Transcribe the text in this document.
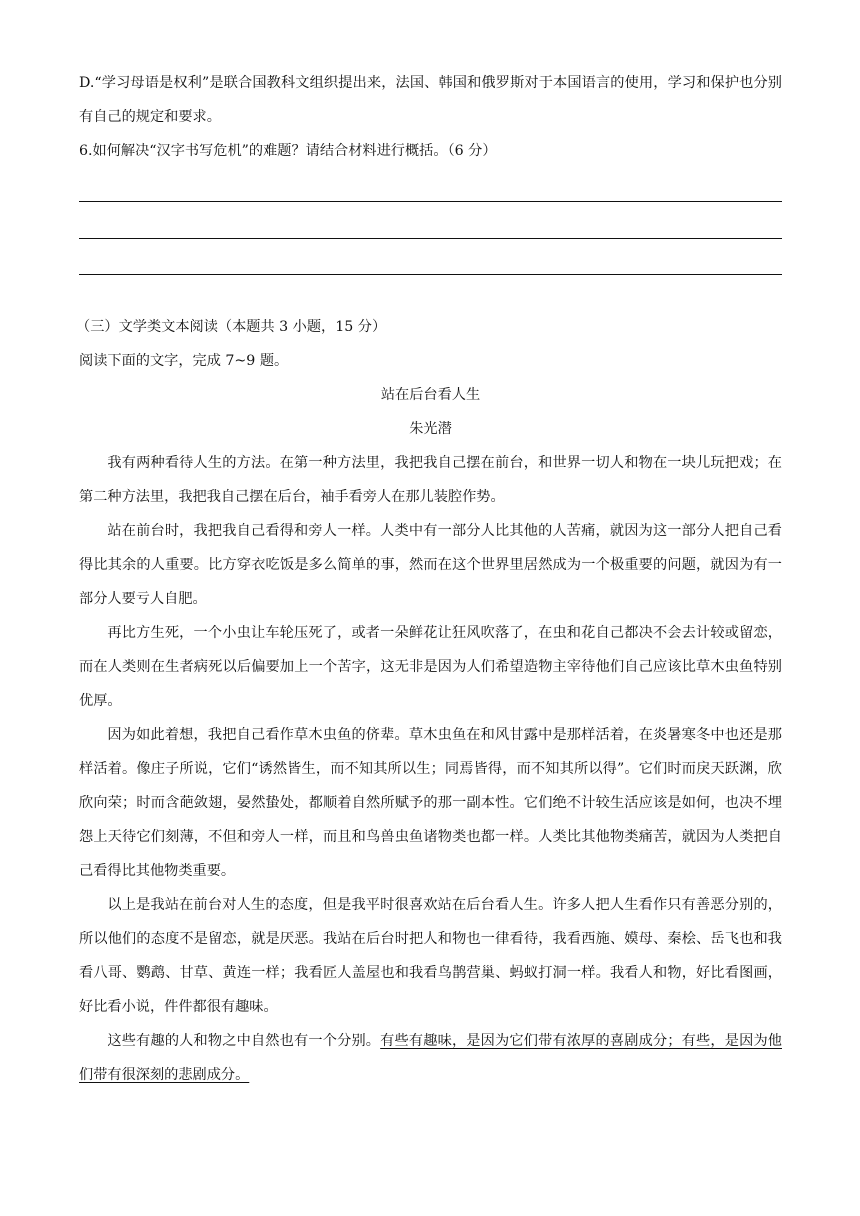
D.“学习母语是权利”是联合国教科文组织提出来，法国、韩国和俄罗斯对于本国语言的使用，学习和保护也分别有自己的规定和要求。
6.如何解决“汉字书写危机”的难题？请结合材料进行概括。（6 分）
（三）文学类文本阅读（本题共 3 小题，15 分）
阅读下面的文字，完成 7~9 题。
站在后台看人生
朱光潜
我有两种看待人生的方法。在第一种方法里，我把我自己摆在前台，和世界一切人和物在一块儿玩把戏；在第二种方法里，我把我自己摆在后台，袖手看旁人在那儿装腔作势。
站在前台时，我把我自己看得和旁人一样。人类中有一部分人比其他的人苦痛，就因为这一部分人把自己看得比其余的人重要。比方穿衣吃饭是多么简单的事，然而在这个世界里居然成为一个极重要的问题，就因为有一部分人要亏人自肥。
再比方生死，一个小虫让车轮压死了，或者一朵鲜花让狂风吹落了，在虫和花自己都决不会去计较或留恋，而在人类则在生者病死以后偏要加上一个苦字，这无非是因为人们希望造物主宰待他们自己应该比草木虫鱼特别优厚。
因为如此着想，我把自己看作草木虫鱼的侪辈。草木虫鱼在和风甘露中是那样活着，在炎暑寒冬中也还是那样活着。像庄子所说，它们“诱然皆生，而不知其所以生；同焉皆得，而不知其所以得”。它们时而戾天跃渊，欣欣向荣；时而含葩敛翅，晏然蛰处，都顺着自然所赋予的那一副本性。它们绝不计较生活应该是如何，也决不埋怨上天待它们刻薄，不但和旁人一样，而且和鸟兽虫鱼诸物类也都一样。人类比其他物类痛苦，就因为人类把自己看得比其他物类重要。
以上是我站在前台对人生的态度，但是我平时很喜欢站在后台看人生。许多人把人生看作只有善恶分别的，所以他们的态度不是留恋，就是厌恶。我站在后台时把人和物也一律看待，我看西施、嫫母、秦桧、岳飞也和我看八哥、鹦鹉、甘草、黄连一样；我看匠人盖屋也和我看鸟鹊营巢、蚂蚁打洞一样。我看人和物，好比看图画，好比看小说，件件都很有趣味。
这些有趣的人和物之中自然也有一个分别。有些有趣味，是因为它们带有浓厚的喜剧成分；有些，是因为他们带有很深刻的悲剧成分。
